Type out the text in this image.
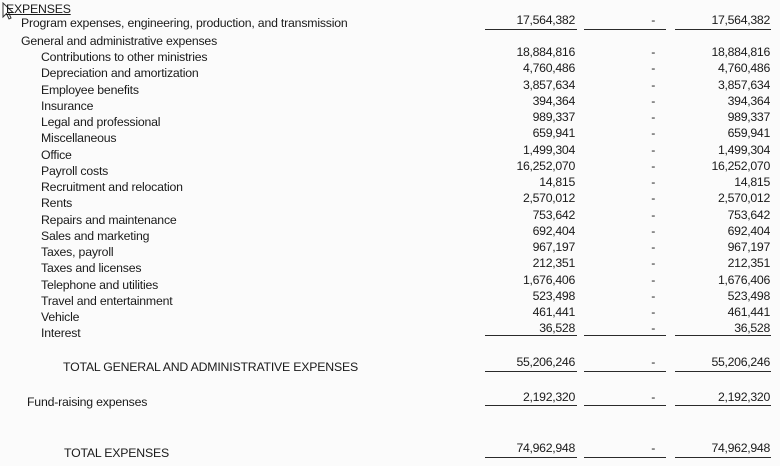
EXPENSES
Program expenses, engineering, production, and transmission	17,564,382	-	17,564,382
General and administrative expenses
Contributions to other ministries	18,884,816	-	18,884,816
Depreciation and amortization	4,760,486	-	4,760,486
Employee benefits	3,857,634	-	3,857,634
Insurance	394,364	-	394,364
Legal and professional	989,337	-	989,337
Miscellaneous	659,941	-	659,941
Office	1,499,304	-	1,499,304
Payroll costs	16,252,070	-	16,252,070
Recruitment and relocation	14,815	-	14,815
Rents	2,570,012	-	2,570,012
Repairs and maintenance	753,642	-	753,642
Sales and marketing	692,404	-	692,404
Taxes, payroll	967,197	-	967,197
Taxes and licenses	212,351	-	212,351
Telephone and utilities	1,676,406	-	1,676,406
Travel and entertainment	523,498	-	523,498
Vehicle	461,441	-	461,441
Interest	36,528	-	36,528
TOTAL GENERAL AND ADMINISTRATIVE EXPENSES	55,206,246	-	55,206,246
Fund-raising expenses	2,192,320	-	2,192,320
TOTAL EXPENSES	74,962,948	-	74,962,948
